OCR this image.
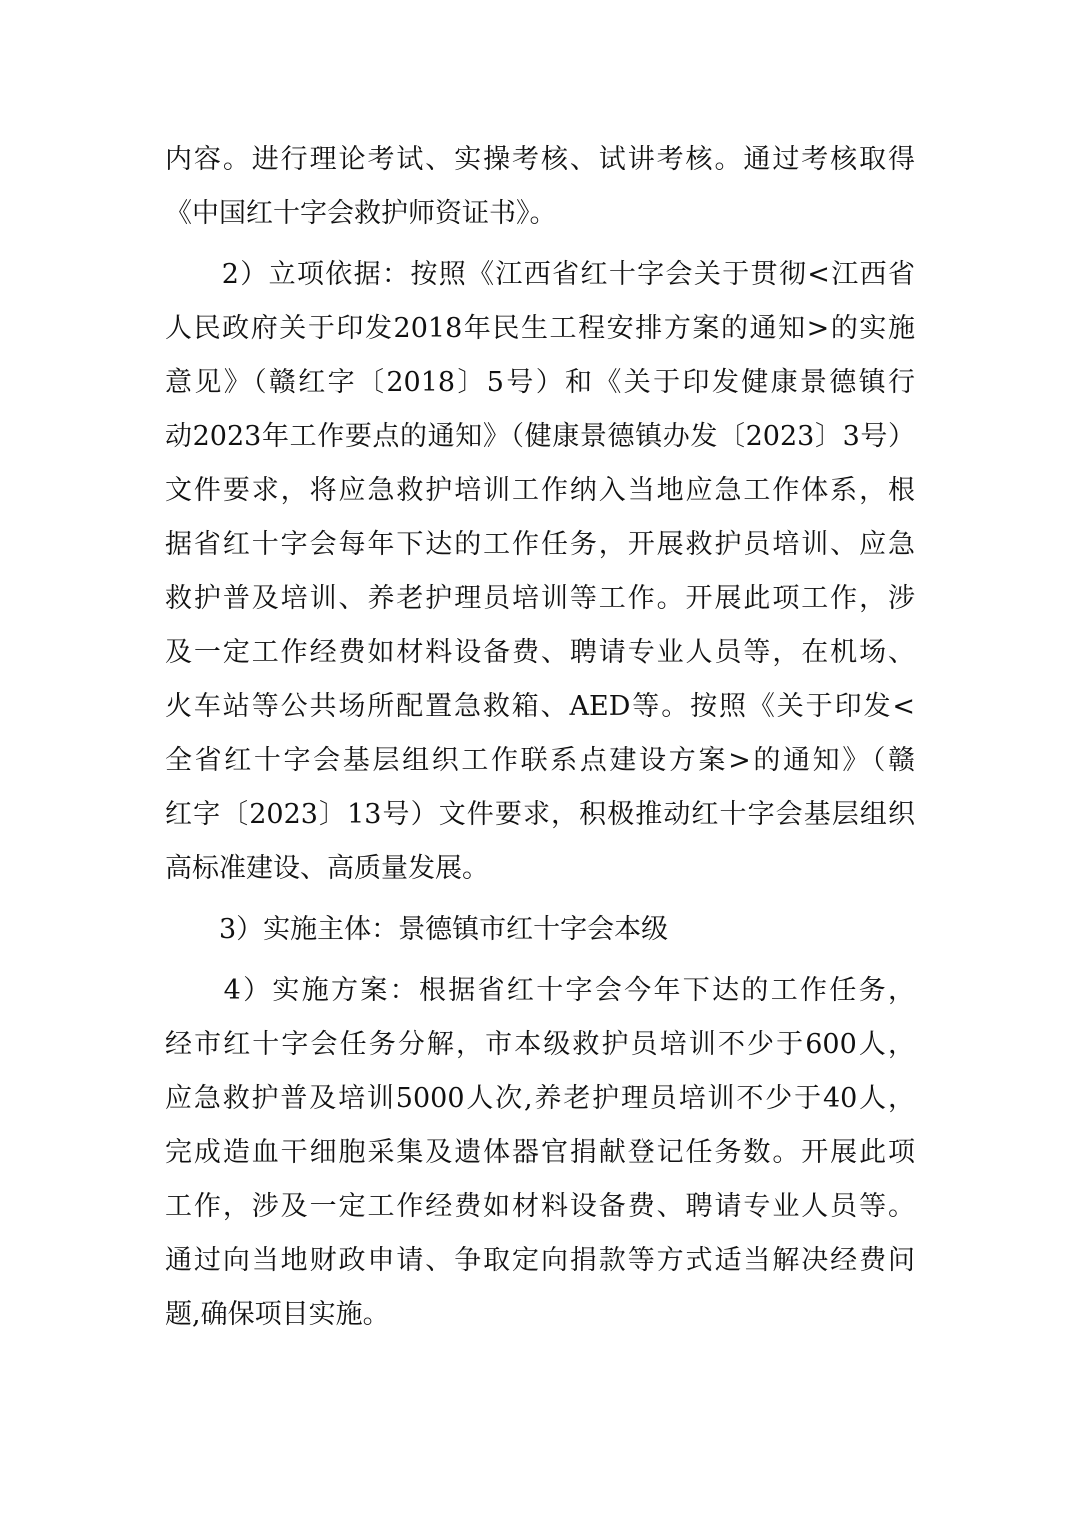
内容。进行理论考试、实操考核、试讲考核。通过考核取得
《中国红十字会救护师资证书》。
　　2）立项依据：按照《江西省红十字会关于贯彻<江西省
人民政府关于印发2018年民生工程安排方案的通知>的实施
意见》（赣红字〔2018〕5号）和《关于印发健康景德镇行
动2023年工作要点的通知》（健康景德镇办发〔2023〕3号）
文件要求，将应急救护培训工作纳入当地应急工作体系，根
据省红十字会每年下达的工作任务，开展救护员培训、应急
救护普及培训、养老护理员培训等工作。开展此项工作，涉
及一定工作经费如材料设备费、聘请专业人员等，在机场、
火车站等公共场所配置急救箱、AED等。按照《关于印发<
全省红十字会基层组织工作联系点建设方案>的通知》（赣
红字〔2023〕13号）文件要求，积极推动红十字会基层组织
高标准建设、高质量发展。
　　3）实施主体：景德镇市红十字会本级
　　4）实施方案：根据省红十字会今年下达的工作任务，
经市红十字会任务分解，市本级救护员培训不少于600人，
应急救护普及培训5000人次,养老护理员培训不少于40人，
完成造血干细胞采集及遗体器官捐献登记任务数。开展此项
工作，涉及一定工作经费如材料设备费、聘请专业人员等。
通过向当地财政申请、争取定向捐款等方式适当解决经费问
题,确保项目实施。
